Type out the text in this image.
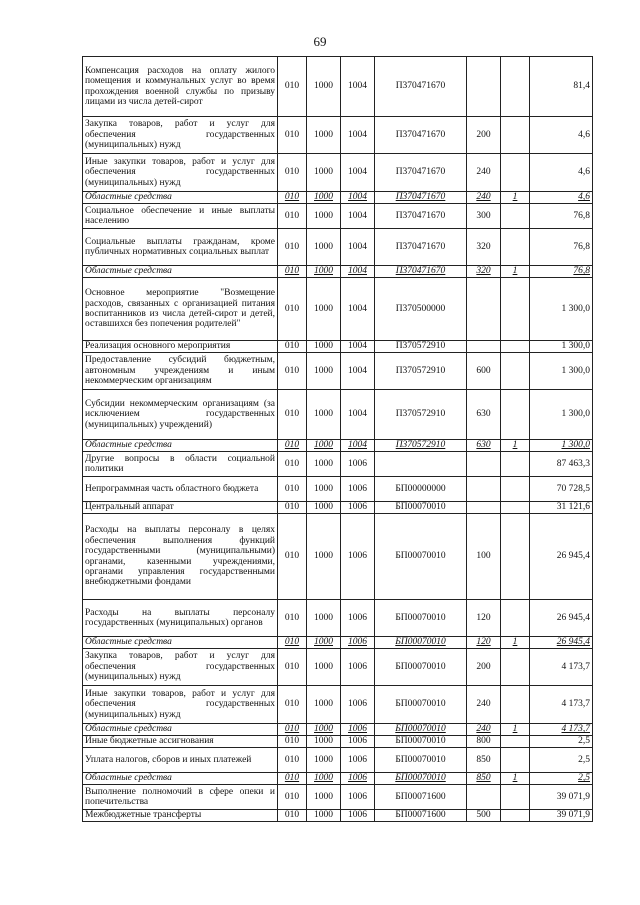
69
Компенсация расходов на оплату жилого помещения и коммунальных услуг во время прохождения военной службы по призыву лицами из числа детей-сирот	010	1000	1004	П370471670			81,4
Закупка товаров, работ и услуг для обеспечения государственных (муниципальных) нужд	010	1000	1004	П370471670	200		4,6
Иные закупки товаров, работ и услуг для обеспечения государственных (муниципальных) нужд	010	1000	1004	П370471670	240		4,6
Областные средства	010	1000	1004	П370471670	240	1	4,6
Социальное обеспечение и иные выплаты населению	010	1000	1004	П370471670	300		76,8
Социальные выплаты гражданам, кроме публичных нормативных социальных выплат	010	1000	1004	П370471670	320		76,8
Областные средства	010	1000	1004	П370471670	320	1	76,8
Основное мероприятие "Возмещение расходов, связанных с организацией питания воспитанников из числа детей-сирот и детей, оставшихся без попечения родителей"	010	1000	1004	П370500000			1 300,0
Реализация основного мероприятия	010	1000	1004	П370572910			1 300,0
Предоставление субсидий бюджетным, автономным учреждениям и иным некоммерческим организациям	010	1000	1004	П370572910	600		1 300,0
Субсидии некоммерческим организациям (за исключением государственных (муниципальных) учреждений)	010	1000	1004	П370572910	630		1 300,0
Областные средства	010	1000	1004	П370572910	630	1	1 300,0
Другие вопросы в области социальной политики	010	1000	1006				87 463,3
Непрограммная часть областного бюджета	010	1000	1006	БП00000000			70 728,5
Центральный аппарат	010	1000	1006	БП00070010			31 121,6
Расходы на выплаты персоналу в целях обеспечения выполнения функций государственными (муниципальными) органами, казенными учреждениями, органами управления государственными внебюджетными фондами	010	1000	1006	БП00070010	100		26 945,4
Расходы на выплаты персоналу государственных (муниципальных) органов	010	1000	1006	БП00070010	120		26 945,4
Областные средства	010	1000	1006	БП00070010	120	1	26 945,4
Закупка товаров, работ и услуг для обеспечения государственных (муниципальных) нужд	010	1000	1006	БП00070010	200		4 173,7
Иные закупки товаров, работ и услуг для обеспечения государственных (муниципальных) нужд	010	1000	1006	БП00070010	240		4 173,7
Областные средства	010	1000	1006	БП00070010	240	1	4 173,7
Иные бюджетные ассигнования	010	1000	1006	БП00070010	800		2,5
Уплата налогов, сборов и иных платежей	010	1000	1006	БП00070010	850		2,5
Областные средства	010	1000	1006	БП00070010	850	1	2,5
Выполнение полномочий в сфере опеки и попечительства	010	1000	1006	БП00071600			39 071,9
Межбюджетные трансферты	010	1000	1006	БП00071600	500		39 071,9
